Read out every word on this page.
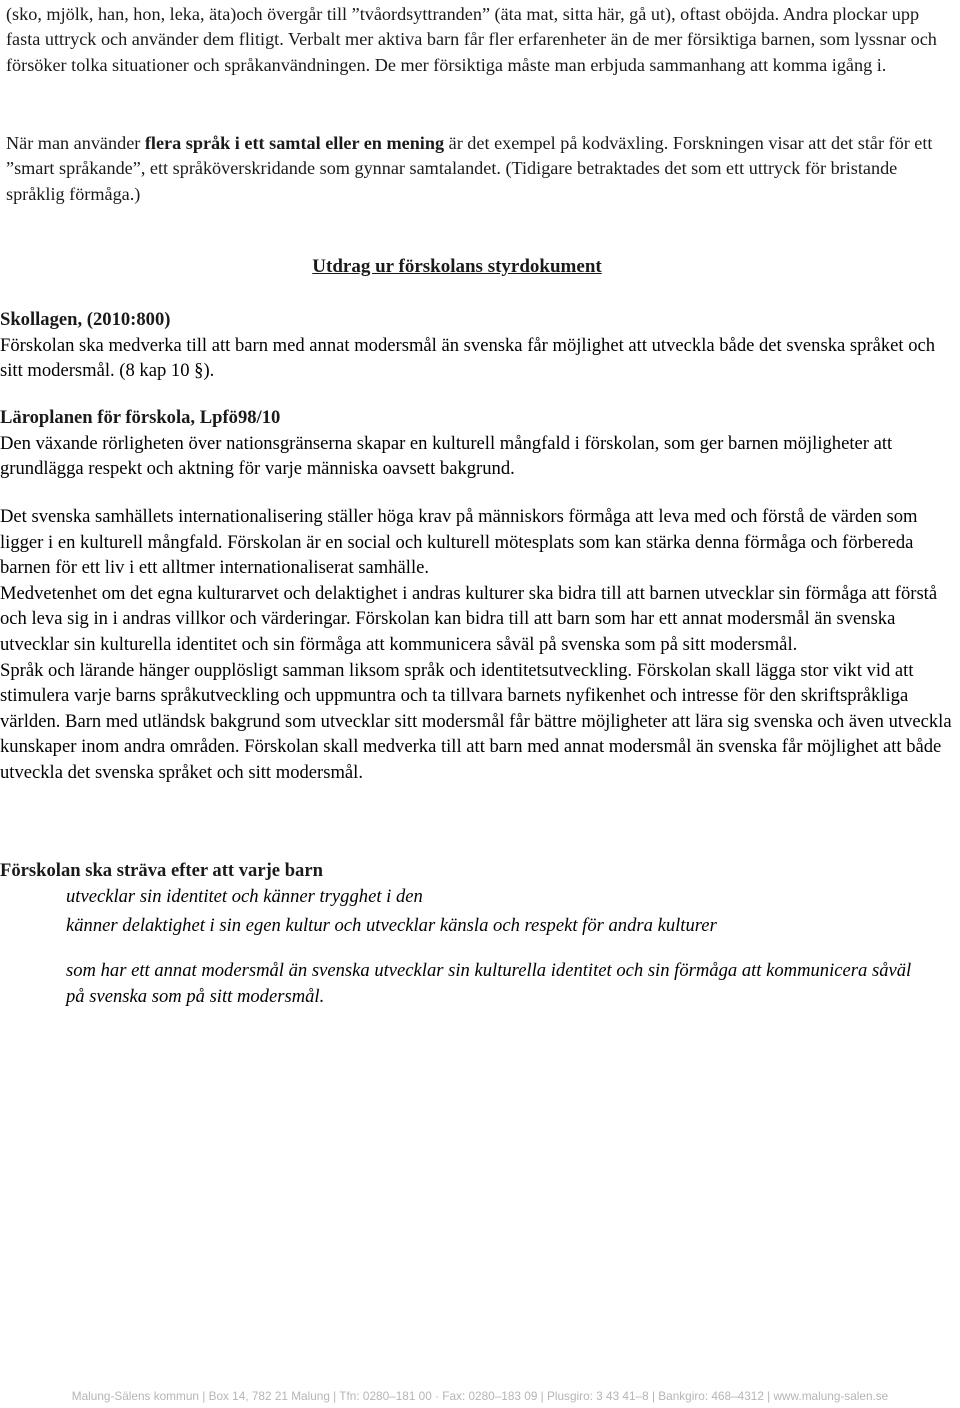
(sko, mjölk, han, hon, leka, äta)och övergår till ”tvåordsyttranden” (äta mat, sitta här, gå ut), oftast oböjda. Andra plockar upp fasta uttryck och använder dem flitigt. Verbalt mer aktiva barn får fler erfarenheter än de mer försiktiga barnen, som lyssnar och försöker tolka situationer och språkanvändningen. De mer försiktiga måste man erbjuda sammanhang att komma igång i.

När man använder flera språk i ett samtal eller en mening är det exempel på kodväxling. Forskningen visar att det står för ett ”smart språkande”, ett språköverskridande som gynnar samtalandet. (Tidigare betraktades det som ett uttryck för bristande språklig förmåga.)

Utdrag ur förskolans styrdokument

Skollagen, (2010:800)

Förskolan ska medverka till att barn med annat modersmål än svenska får möjlighet att utveckla både det svenska språket och sitt modersmål. (8 kap 10 §).

Läroplanen för förskola, Lpfö98/10

Den växande rörligheten över nationsgränserna skapar en kulturell mångfald i förskolan, som ger barnen möjligheter att grundlägga respekt och aktning för varje människa oavsett bakgrund.

Det svenska samhällets internationalisering ställer höga krav på människors förmåga att leva med och förstå de värden som ligger i en kulturell mångfald. Förskolan är en social och kulturell mötesplats som kan stärka denna förmåga och förbereda barnen för ett liv i ett alltmer internationaliserat samhälle.

Medvetenhet om det egna kulturarvet och delaktighet i andras kulturer ska bidra till att barnen utvecklar sin förmåga att förstå och leva sig in i andras villkor och värderingar. Förskolan kan bidra till att barn som har ett annat modersmål än svenska utvecklar sin kulturella identitet och sin förmåga att kommunicera såväl på svenska som på sitt modersmål.

Språk och lärande hänger oupplösligt samman liksom språk och identitetsutveckling. Förskolan skall lägga stor vikt vid att stimulera varje barns språkutveckling och uppmuntra och ta tillvara barnets nyfikenhet och intresse för den skriftspråkliga världen. Barn med utländsk bakgrund som utvecklar sitt modersmål får bättre möjligheter att lära sig svenska och även utveckla kunskaper inom andra områden. Förskolan skall medverka till att barn med annat modersmål än svenska får möjlighet att både utveckla det svenska språket och sitt modersmål.

Förskolan ska sträva efter att varje barn

utvecklar sin identitet och känner trygghet i den
känner delaktighet i sin egen kultur och utvecklar känsla och respekt för andra kulturer
som har ett annat modersmål än svenska utvecklar sin kulturella identitet och sin förmåga att kommunicera såväl på svenska som på sitt modersmål.
Malung-Sälens kommun | Box 14, 782 21 Malung | Tfn: 0280–181 00 · Fax: 0280–183 09 | Plusgiro: 3 43 41–8 | Bankgiro: 468–4312 | www.malung-salen.se
